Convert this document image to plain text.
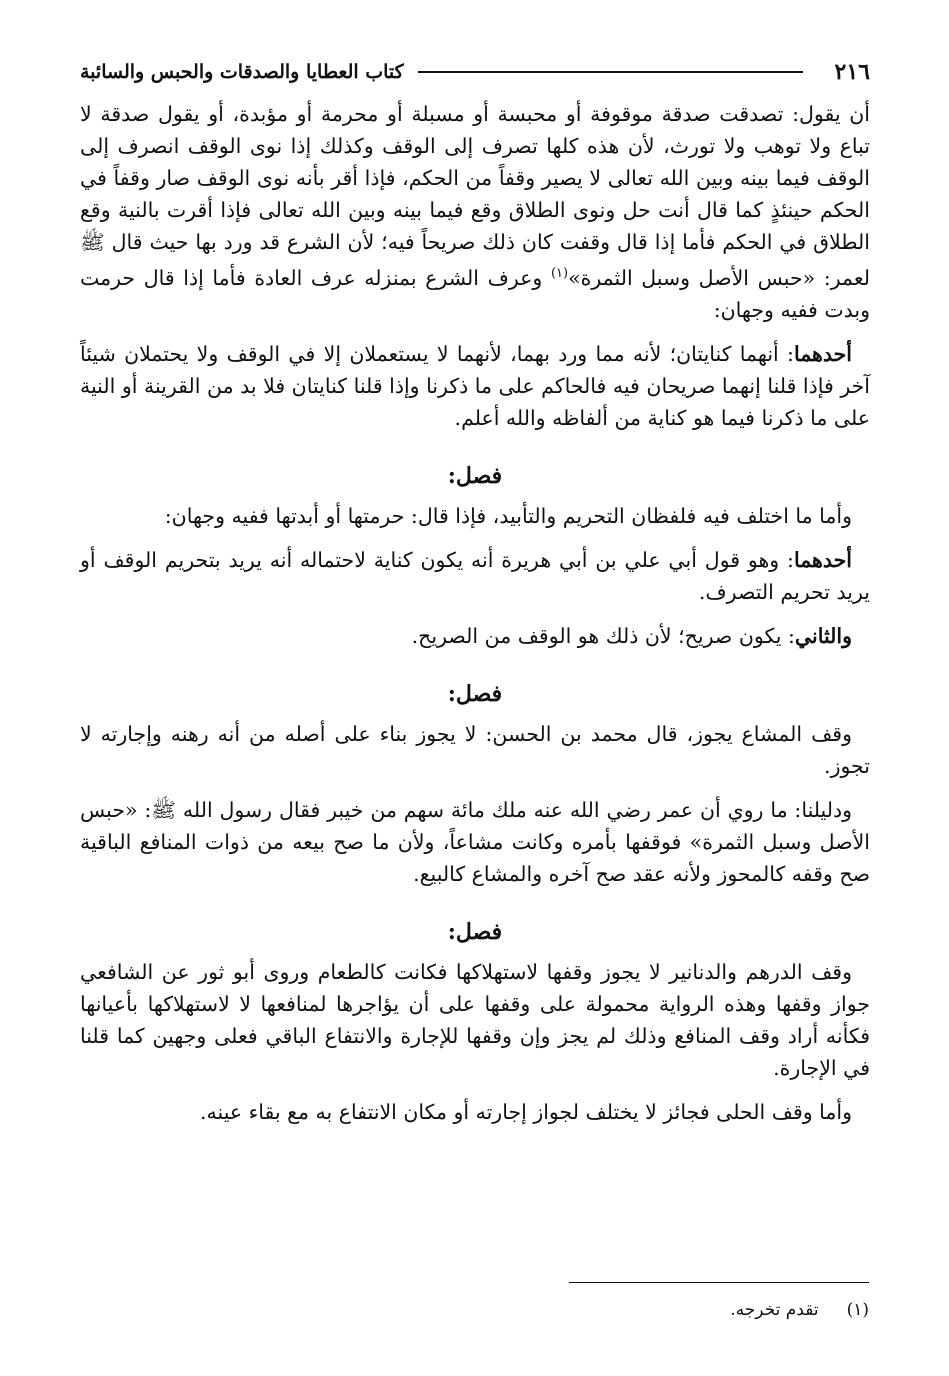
٢١٦
كتاب العطايا والصدقات والحبس والسائبة

أن يقول: تصدقت صدقة موقوفة أو محبسة أو مسبلة أو محرمة أو مؤبدة، أو يقول صدقة لا تباع ولا توهب ولا تورث، لأن هذه كلها تصرف إلى الوقف وكذلك إذا نوى الوقف انصرف إلى الوقف فيما بينه وبين الله تعالى لا يصير وقفاً من الحكم، فإذا أقر بأنه نوى الوقف صار وقفاً في الحكم حينئذٍ كما قال أنت حل ونوى الطلاق وقع فيما بينه وبين الله تعالى فإذا أقرت بالنية وقع الطلاق في الحكم فأما إذا قال وقفت كان ذلك صريحاً فيه؛ لأن الشرع قد ورد بها حيث قال ﷺ لعمر: «حبس الأصل وسبل الثمرة»$^{(١)}$ وعرف الشرع بمنزله عرف العادة فأما إذا قال حرمت وبدت ففيه وجهان:

أحدهما: أنهما كنايتان؛ لأنه مما ورد بهما، لأنهما لا يستعملان إلا في الوقف ولا يحتملان شيئاً آخر فإذا قلنا إنهما صريحان فيه فالحاكم على ما ذكرنا وإذا قلنا كنايتان فلا بد من القرينة أو النية على ما ذكرنا فيما هو كناية من ألفاظه والله أعلم.

فصل:

وأما ما اختلف فيه فلفظان التحريم والتأبيد، فإذا قال: حرمتها أو أبدتها ففيه وجهان:

أحدهما: وهو قول أبي علي بن أبي هريرة أنه يكون كناية لاحتماله أنه يريد بتحريم الوقف أو يريد تحريم التصرف.

والثاني: يكون صريح؛ لأن ذلك هو الوقف من الصريح.

فصل:

وقف المشاع يجوز، قال محمد بن الحسن: لا يجوز بناء على أصله من أنه رهنه وإجارته لا تجوز.

ودليلنا: ما روي أن عمر رضي الله عنه ملك مائة سهم من خيبر فقال رسول الله ﷺ: «حبس الأصل وسبل الثمرة» فوقفها بأمره وكانت مشاعاً، ولأن ما صح بيعه من ذوات المنافع الباقية صح وقفه كالمحوز ولأنه عقد صح آخره والمشاع كالبيع.

فصل:

وقف الدرهم والدنانير لا يجوز وقفها لاستهلاكها فكانت كالطعام وروى أبو ثور عن الشافعي جواز وقفها وهذه الرواية محمولة على وقفها على أن يؤاجرها لمنافعها لا لاستهلاكها بأعيانها فكأنه أراد وقف المنافع وذلك لم يجز وإن وقفها للإجارة والانتفاع الباقي فعلى وجهين كما قلنا في الإجارة.

وأما وقف الحلى فجائز لا يختلف لجواز إجارته أو مكان الانتفاع به مع بقاء عينه.

(١)تقدم تخرجه.
